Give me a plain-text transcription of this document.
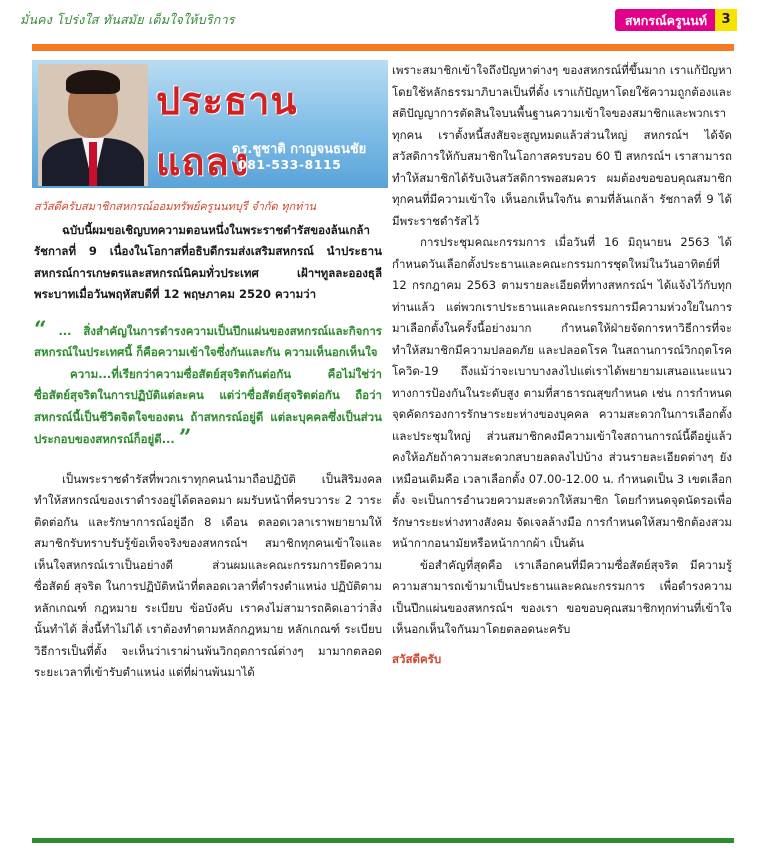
มั่นคง โปร่งใส ทันสมัย เต็มใจให้บริการ	สหกรณ์ครูนนท์	3
ประธานแถลง
ดร.ชูชาติ กาญจนธนชัย
081-533-8115

สวัสดีครับสมาชิกสหกรณ์ออมทรัพย์ครูนนทบุรี จำกัด ทุกท่าน

ฉบับนี้ผมขอเชิญบทความตอนหนึ่งในพระราชดำรัสของล้นเกล้ารัชกาลที่ 9 เนื่องในโอกาสที่อธิบดีกรมส่งเสริมสหกรณ์ นำประธานสหกรณ์การเกษตรและสหกรณ์นิคมทั่วประเทศ เฝ้าฯทูลละอองธุลีพระบาทเมื่อวันพฤหัสบดีที่ 12 พฤษภาคม 2520 ความว่า

“ ... สิ่งสำคัญในการดำรงความเป็นปึกแผ่นของสหกรณ์และกิจการสหกรณ์ในประเทศนี้ ก็คือความเข้าใจซึ่งกันและกัน ความเห็นอกเห็นใจ

ความ...ที่เรียกว่าความซื่อสัตย์สุจริตกันต่อกัน คือไม่ใช่ว่าซื่อสัตย์สุจริตในการปฏิบัติแต่ละคน แต่ว่าซื่อสัตย์สุจริตต่อกัน ถือว่าสหกรณ์นี้เป็นชีวิตจิตใจของตน ถ้าสหกรณ์อยู่ดี แต่ละบุคคลซึ่งเป็นส่วนประกอบของสหกรณ์ก็อยู่ดี... ”

เป็นพระราชดำรัสที่พวกเราทุกคนนำมาถือปฏิบัติ เป็นสิริมงคลทำให้สหกรณ์ของเราดำรงอยู่ได้ตลอดมา ผมรับหน้าที่ครบวาระ 2 วาระ ติดต่อกัน และรักษาการณ์อยู่อีก 8 เดือน ตลอดเวลาเราพยายามให้สมาชิกรับทราบรับรู้ข้อเท็จจริงของสหกรณ์ฯ สมาชิกทุกคนเข้าใจและเห็นใจสหกรณ์เราเป็นอย่างดี ส่วนผมและคณะกรรมการยึดความซื่อสัตย์ สุจริต ในการปฏิบัติหน้าที่ตลอดเวลาที่ดำรงตำแหน่ง ปฏิบัติตามหลักเกณฑ์ กฎหมาย ระเบียบ ข้อบังคับ เราคงไม่สามารถคิดเอาว่าสิ่งนั้นทำได้ สิ่งนี้ทำไม่ได้ เราต้องทำตามหลักกฎหมาย หลักเกณฑ์ ระเบียบวิธีการเป็นที่ตั้ง จะเห็นว่าเราผ่านพ้นวิกฤตการณ์ต่างๆ มามากตลอดระยะเวลาที่เข้ารับตำแหน่ง แต่ที่ผ่านพ้นมาได้

เพราะสมาชิกเข้าใจถึงปัญหาต่างๆ ของสหกรณ์ที่ขึ้นมาก เราแก้ปัญหาโดยใช้หลักธรรมาภิบาลเป็นที่ตั้ง เราแก้ปัญหาโดยใช้ความถูกต้องและสติปัญญาการตัดสินใจบนพื้นฐานความเข้าใจของสมาชิกและพวกเราทุกคน เราตั้งหนี้สงสัยจะสูญหมดแล้วส่วนใหญ่ สหกรณ์ฯ ได้จัดสวัสดิการให้กับสมาชิกในโอกาสครบรอบ 60 ปี สหกรณ์ฯ เราสามารถทำให้สมาชิกได้รับเงินสวัสดิการพอสมควร ผมต้องขอขอบคุณสมาชิกทุกคนที่มีความเข้าใจ เห็นอกเห็นใจกัน ตามที่ล้นเกล้า รัชกาลที่ 9 ได้มีพระราชดำรัสไว้

การประชุมคณะกรรมการ เมื่อวันที่ 16 มิถุนายน 2563 ได้กำหนดวันเลือกตั้งประธานและคณะกรรมการชุดใหม่ในวันอาทิตย์ที่ 12 กรกฎาคม 2563 ตามรายละเอียดที่ทางสหกรณ์ฯ ได้แจ้งไว้กับทุกท่านแล้ว แต่พวกเราประธานและคณะกรรมการมีความห่วงใยในการมาเลือกตั้งในครั้งนี้อย่างมาก กำหนดให้ฝ่ายจัดการหาวิธีการที่จะทำให้สมาชิกมีความปลอดภัย และปลอดโรค ในสถานการณ์วิกฤตโรคโควิด-19 ถึงแม้ว่าจะเบาบางลงไปแต่เราได้พยายามเสนอแนะแนวทางการป้องกันในระดับสูง ตามที่สาธารณสุขกำหนด เช่น การกำหนดจุดคัดกรองการรักษาระยะห่างของบุคคล ความสะดวกในการเลือกตั้งและประชุมใหญ่ ส่วนสมาชิกคงมีความเข้าใจสถานการณ์นี้ดีอยู่แล้ว คงให้อภัยถ้าความสะดวกสบายลดลงไปบ้าง ส่วนรายละเอียดต่างๆ ยังเหมือนเดิมคือ เวลาเลือกตั้ง 07.00-12.00 น. กำหนดเป็น 3 เขตเลือกตั้ง จะเป็นการอำนวยความสะดวกให้สมาชิก โดยกำหนดจุดนัดรอเพื่อรักษาระยะห่างทางสังคม จัดเจลล้างมือ การกำหนดให้สมาชิกต้องสวมหน้ากากอนามัยหรือหน้ากากผ้า เป็นต้น

ข้อสำคัญที่สุดคือ เราเลือกคนที่มีความซื่อสัตย์สุจริต มีความรู้ความสามารถเข้ามาเป็นประธานและคณะกรรมการ เพื่อดำรงความเป็นปึกแผ่นของสหกรณ์ฯ ของเรา ขอขอบคุณสมาชิกทุกท่านที่เข้าใจ เห็นอกเห็นใจกันมาโดยตลอดนะครับ

สวัสดีครับ
